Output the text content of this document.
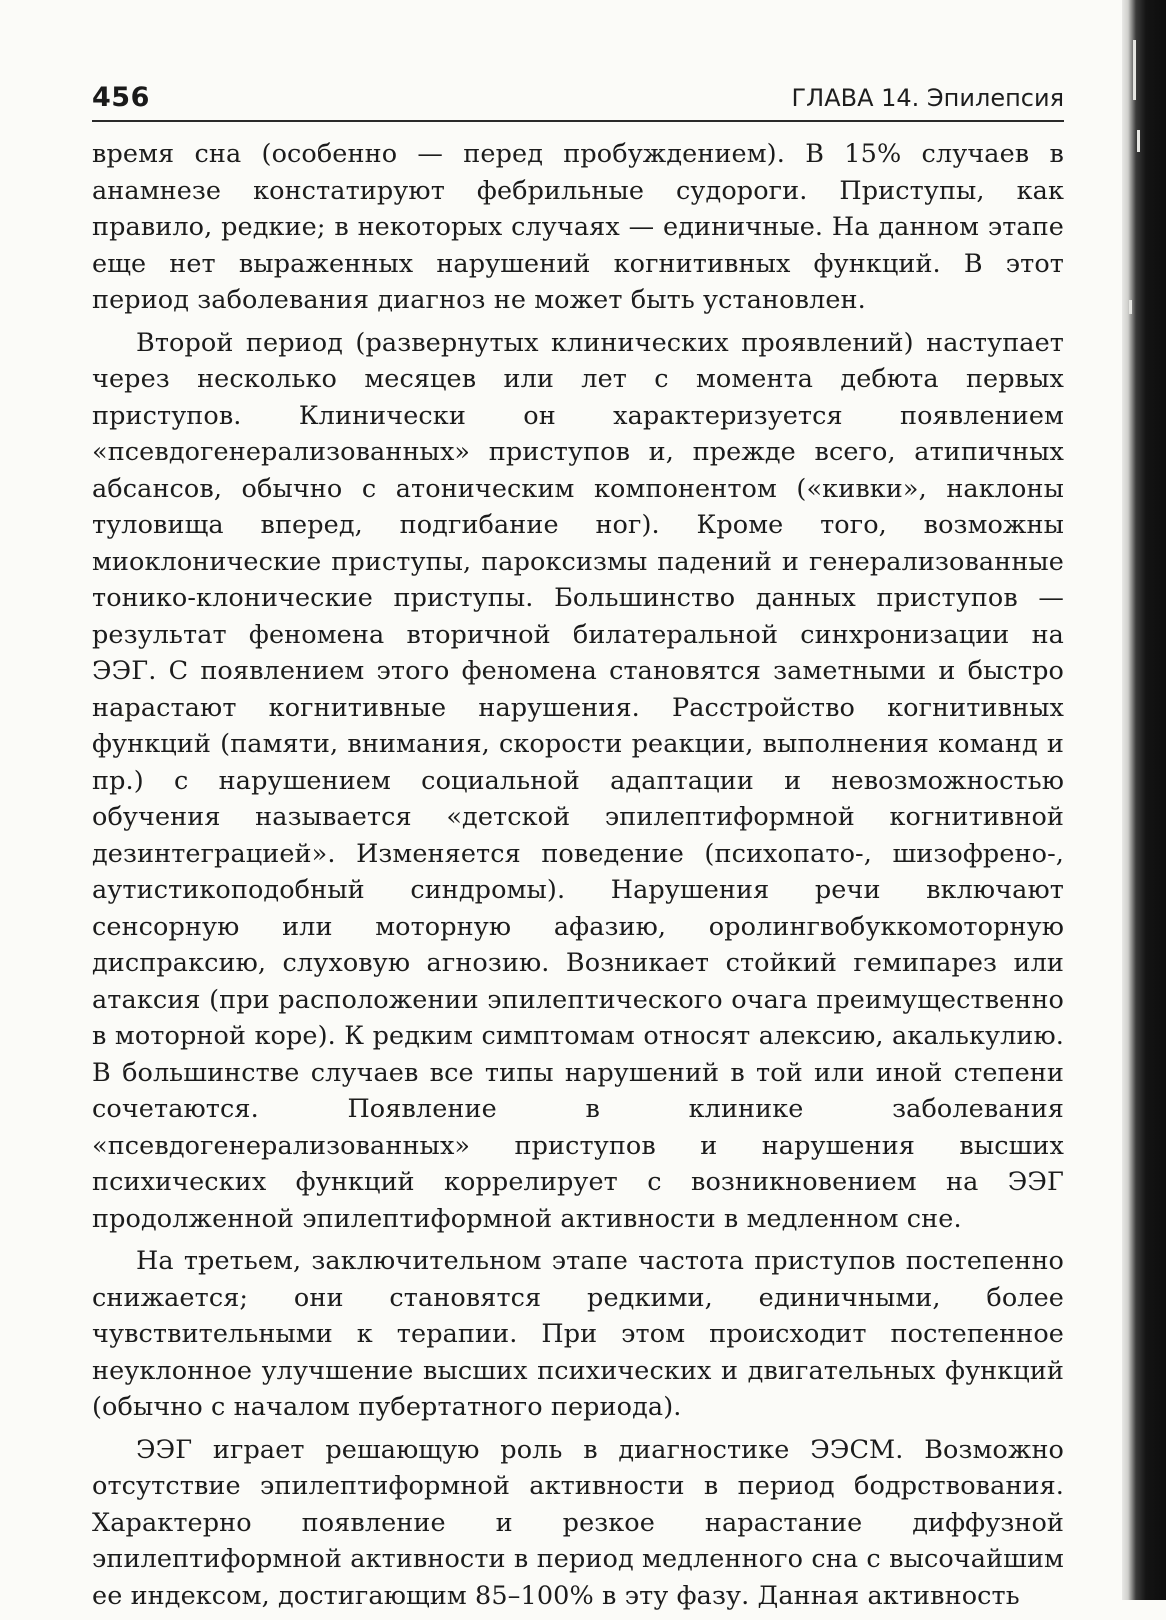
456	ГЛАВА 14. Эпилепсия

время сна (особенно — перед пробуждением). В 15% случаев в анамнезе констатируют фебрильные судороги. Приступы, как правило, редкие; в некоторых случаях — единичные. На данном этапе еще нет выраженных нарушений когнитивных функций. В этот период заболевания диагноз не может быть установлен.

Второй период (развернутых клинических проявлений) наступает через несколько месяцев или лет с момента дебюта первых приступов. Клинически он характеризуется появлением «псевдогенерализованных» приступов и, прежде всего, атипичных абсансов, обычно с атоническим компонентом («кивки», наклоны туловища вперед, подгибание ног). Кроме того, возможны миоклонические приступы, пароксизмы падений и генерализованные тонико-клонические приступы. Большинство данных приступов — результат феномена вторичной билатеральной синхронизации на ЭЭГ. С появлением этого феномена становятся заметными и быстро нарастают когнитивные нарушения. Расстройство когнитивных функций (памяти, внимания, скорости реакции, выполнения команд и пр.) с нарушением социальной адаптации и невозможностью обучения называется «детской эпилептиформной когнитивной дезинтеграцией». Изменяется поведение (психопато-, шизофрено-, аутистикоподобный синдромы). Нарушения речи включают сенсорную или моторную афазию, оролингвобуккомоторную диспраксию, слуховую агнозию. Возникает стойкий гемипарез или атаксия (при расположении эпилептического очага преимущественно в моторной коре). К редким симптомам относят алексию, акалькулию. В большинстве случаев все типы нарушений в той или иной степени сочетаются. Появление в клинике заболевания «псевдогенерализованных» приступов и нарушения высших психических функций коррелирует с возникновением на ЭЭГ продолженной эпилептиформной активности в медленном сне.

На третьем, заключительном этапе частота приступов постепенно снижается; они становятся редкими, единичными, более чувствительными к терапии. При этом происходит постепенное неуклонное улучшение высших психических и двигательных функций (обычно с началом пубертатного периода).

ЭЭГ играет решающую роль в диагностике ЭЭСМ. Возможно отсутствие эпилептиформной активности в период бодрствования. Характерно появление и резкое нарастание диффузной эпилептиформной активности в период медленного сна с высочайшим ее индексом, достигающим 85–100% в эту фазу. Данная активность
